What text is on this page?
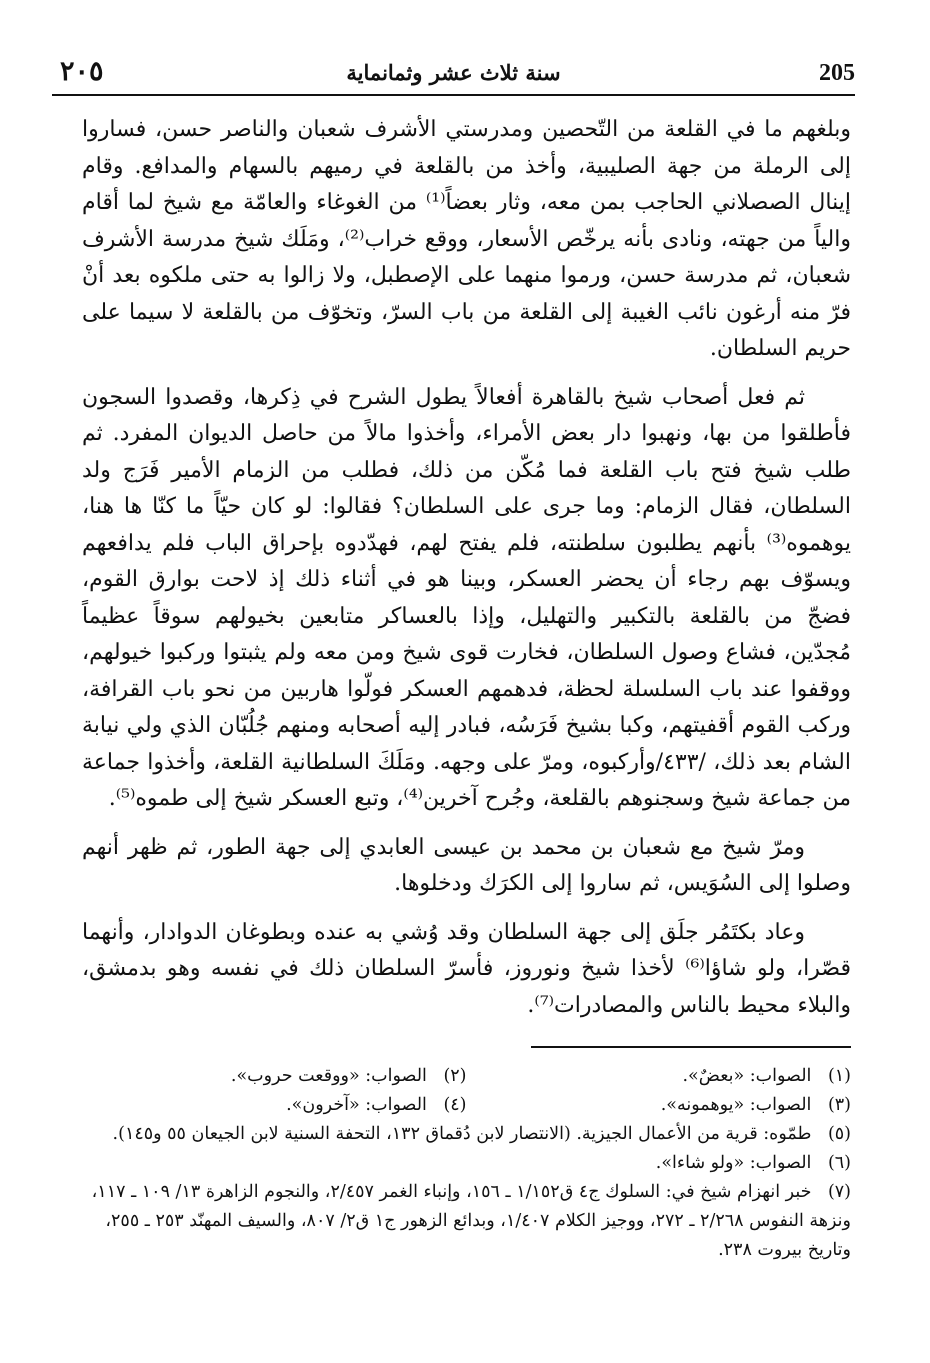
٢٠٥	سنة ثلاث عشر وثمانماية	205

وبلغهم ما في القلعة من التّحصين ومدرستي الأشرف شعبان والناصر حسن، فساروا إلى الرملة من جهة الصليبية، وأخذ من بالقلعة في رميهم بالسهام والمدافع. وقام إينال الصصلاني الحاجب بمن معه، وثار بعضاً⁽¹⁾ من الغوغاء والعامّة مع شيخ لما أقام والياً من جهته، ونادى بأنه يرخّص الأسعار، ووقع خراب⁽²⁾، ومَلَك شيخ مدرسة الأشرف شعبان، ثم مدرسة حسن، ورموا منهما على الإصطبل، ولا زالوا به حتى ملكوه بعد أنْ فرّ منه أرغون نائب الغيبة إلى القلعة من باب السرّ، وتخوّف من بالقلعة لا سيما على حريم السلطان.

ثم فعل أصحاب شيخ بالقاهرة أفعالاً يطول الشرح في ذِكرها، وقصدوا السجون فأطلقوا من بها، ونهبوا دار بعض الأمراء، وأخذوا مالاً من حاصل الديوان المفرد. ثم طلب شيخ فتح باب القلعة فما مُكّن من ذلك، فطلب من الزمام الأمير فَرَج ولد السلطان، فقال الزمام: وما جرى على السلطان؟ فقالوا: لو كان حيّاً ما كنّا ها هنا، يوهموه⁽³⁾ بأنهم يطلبون سلطنته، فلم يفتح لهم، فهدّدوه بإحراق الباب فلم يدافعهم ويسوّف بهم رجاء أن يحضر العسكر، وبينا هو في أثناء ذلك إذ لاحت بوارق القوم، فضجّ من بالقلعة بالتكبير والتهليل، وإذا بالعساكر متابعين بخيولهم سوقاً عظيماً مُجدّين، فشاع وصول السلطان، فخارت قوى شيخ ومن معه ولم يثبتوا وركبوا خيولهم، ووقفوا عند باب السلسلة لحظة، فدهمهم العسكر فولّوا هاربين من نحو باب القرافة، وركب القوم أقفيتهم، وكبا بشيخ فَرَسُه، فبادر إليه أصحابه ومنهم جُلُبّان الذي ولي نيابة الشام بعد ذلك، /٤٣٣/وأركبوه، ومرّ على وجهه. ومَلَكَ السلطانية القلعة، وأخذوا جماعة من جماعة شيخ وسجنوهم بالقلعة، وجُرح آخرين⁽⁴⁾، وتبع العسكر شيخ إلى طموه⁽⁵⁾.

ومرّ شيخ مع شعبان بن محمد بن عيسى العابدي إلى جهة الطور، ثم ظهر أنهم وصلوا إلى السُوَيس، ثم ساروا إلى الكرَك ودخلوها.

وعاد بكتَمُر جلَق إلى جهة السلطان وقد وُشي به عنده وبطوغان الدوادار، وأنهما قصّرا، ولو شاؤا⁽⁶⁾ لأخذا شيخ ونوروز، فأسرّ السلطان ذلك في نفسه وهو بدمشق، والبلاء محيط بالناس والمصادرات⁽⁷⁾.

(١) الصواب: «بعضٌ».
(٢) الصواب: «ووقعت حروب».
(٣) الصواب: «يوهمونه».
(٤) الصواب: «آخرون».
(٥) طمّوه: قرية من الأعمال الجيزية. (الانتصار لابن دُقماق ١٣٢، التحفة السنية لابن الجيعان ٥٥ و١٤٥).
(٦) الصواب: «ولو شاءا».
(٧) خبر انهزام شيخ في: السلوك ج٤ ق١/١٥٢ ـ ١٥٦، وإنباء الغمر ٢/٤٥٧، والنجوم الزاهرة ١٣/ ١٠٩ ـ ١١٧، ونزهة النفوس ٢/٢٦٨ ـ ٢٧٢، ووجيز الكلام ١/٤٠٧، وبدائع الزهور ج١ ق٢/ ٨٠٧، والسيف المهنّد ٢٥٣ ـ ٢٥٥، وتاريخ بيروت ٢٣٨.
